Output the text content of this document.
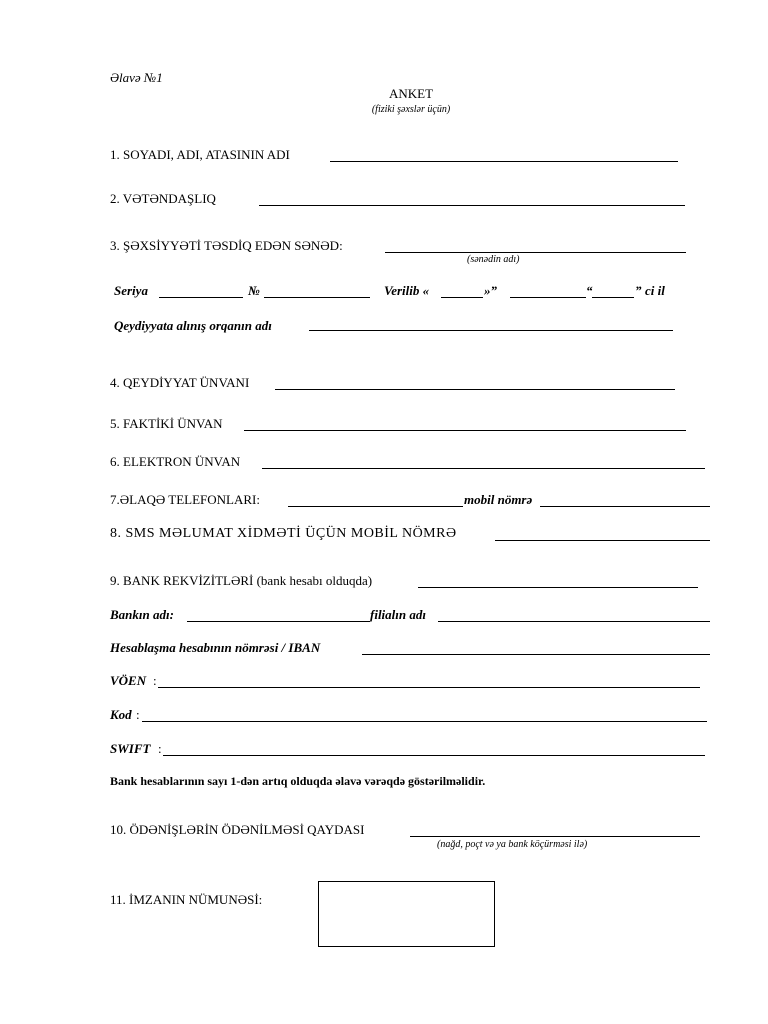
Əlavə №1
ANKET
(fiziki şəxslər üçün)
1. SOYADI, ADI, ATASININ ADI
2. VƏTƏNDAŞLIQ
3. ŞƏXSİYYƏTİ TƏSDİQ EDƏN SƏNƏD:
(sənədin adı)
Seriya	№	Verilib «	»”	“	” ci il
Qeydiyyata alınış orqanın adı
4. QEYDİYYAT ÜNVANI
5. FAKTİKİ ÜNVAN
6. ELEKTRON ÜNVAN
7.ƏLAQƏ TELEFONLARI:	mobil nömrə
8. SMS MƏLUMAT XİDMƏTİ ÜÇÜN MOBİL NÖMRƏ
9. BANK REKVİZİTLƏRİ (bank hesabı olduqda)
Bankın adı:	filialın adı
Hesablaşma hesabının nömrəsi / IBAN
VÖEN :
Kod :
SWIFT :
Bank hesablarının sayı 1-dən artıq olduqda əlavə vərəqdə göstərilməlidir.
10. ÖDƏNİŞLƏRİN ÖDƏNİLMƏSİ QAYDASI
(nağd, poçt və ya bank köçürməsi ilə)
11. İMZANIN NÜMUNƏSİ:
